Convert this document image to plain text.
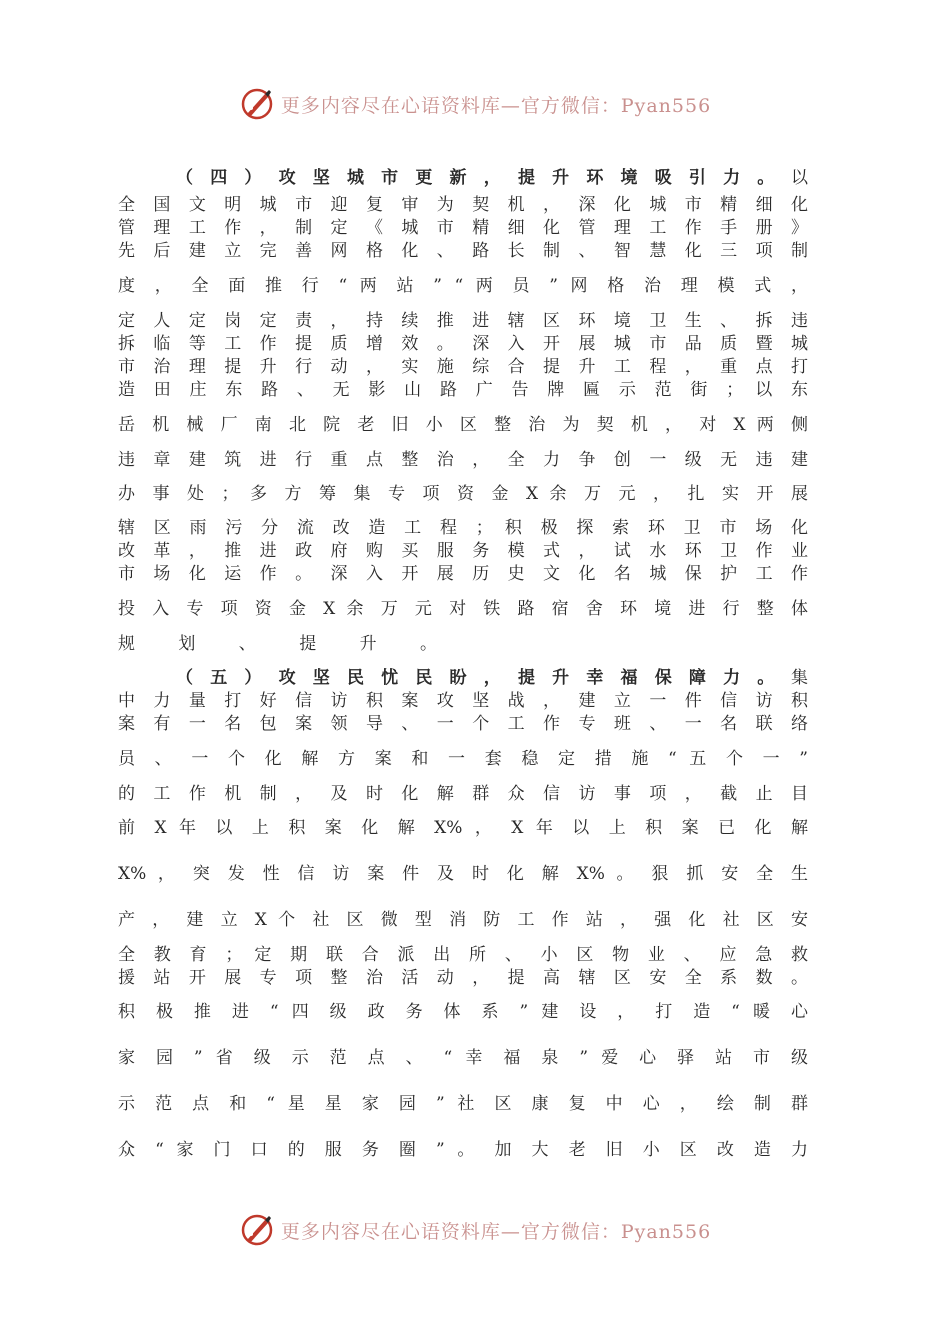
更多内容尽在心语资料库—官方微信：Pyan556
（ 四 ） 攻 坚 城 市 更 新 ， 提 升 环 境 吸 引 力 。 以
全 国 文 明 城 市 迎 复 审 为 契 机 ， 深 化 城 市 精 细 化
管 理 工 作 ， 制 定 《 城 市 精 细 化 管 理 工 作 手 册 》
先 后 建 立 完 善 网 格 化 、 路 长 制 、 智 慧 化 三 项 制
度 ， 全 面 推 行 “ 两 站 ” “ 两 员 ” 网 格 治 理 模 式 ，
定 人 定 岗 定 责 ， 持 续 推 进 辖 区 环 境 卫 生 、 拆 违
拆 临 等 工 作 提 质 增 效 。 深 入 开 展 城 市 品 质 暨 城
市 治 理 提 升 行 动 ， 实 施 综 合 提 升 工 程 ， 重 点 打
造 田 庄 东 路 、 无 影 山 路 广 告 牌 匾 示 范 街 ； 以 东
岳 机 械 厂 南 北 院 老 旧 小 区 整 治 为 契 机 ， 对 X 两 侧
违 章 建 筑 进 行 重 点 整 治 ， 全 力 争 创 一 级 无 违 建
办 事 处 ； 多 方 筹 集 专 项 资 金 X 余 万 元 ， 扎 实 开 展
辖 区 雨 污 分 流 改 造 工 程 ； 积 极 探 索 环 卫 市 场 化
改 革 ， 推 进 政 府 购 买 服 务 模 式 ， 试 水 环 卫 作 业
市 场 化 运 作 。 深 入 开 展 历 史 文 化 名 城 保 护 工 作
投 入 专 项 资 金 X 余 万 元 对 铁 路 宿 舍 环 境 进 行 整 体
规 划 、 提 升 。
（ 五 ） 攻 坚 民 忧 民 盼 ， 提 升 幸 福 保 障 力 。 集
中 力 量 打 好 信 访 积 案 攻 坚 战 ， 建 立 一 件 信 访 积
案 有 一 名 包 案 领 导 、 一 个 工 作 专 班 、 一 名 联 络
员 、 一 个 化 解 方 案 和 一 套 稳 定 措 施 “ 五 个 一 ”
的 工 作 机 制 ， 及 时 化 解 群 众 信 访 事 项 ， 截 止 目
前 X 年 以 上 积 案 化 解 X% ， X 年 以 上 积 案 已 化 解
X% ， 突 发 性 信 访 案 件 及 时 化 解 X% 。 狠 抓 安 全 生
产 ， 建 立 X 个 社 区 微 型 消 防 工 作 站 ， 强 化 社 区 安
全 教 育 ； 定 期 联 合 派 出 所 、 小 区 物 业 、 应 急 救
援 站 开 展 专 项 整 治 活 动 ， 提 高 辖 区 安 全 系 数 。
积 极 推 进 “ 四 级 政 务 体 系 ” 建 设 ， 打 造 “ 暖 心
家 园 ” 省 级 示 范 点 、 “ 幸 福 泉 ” 爱 心 驿 站 市 级
示 范 点 和 “ 星 星 家 园 ” 社 区 康 复 中 心 ， 绘 制 群
众 “ 家 门 口 的 服 务 圈 ” 。 加 大 老 旧 小 区 改 造 力
更多内容尽在心语资料库—官方微信：Pyan556
